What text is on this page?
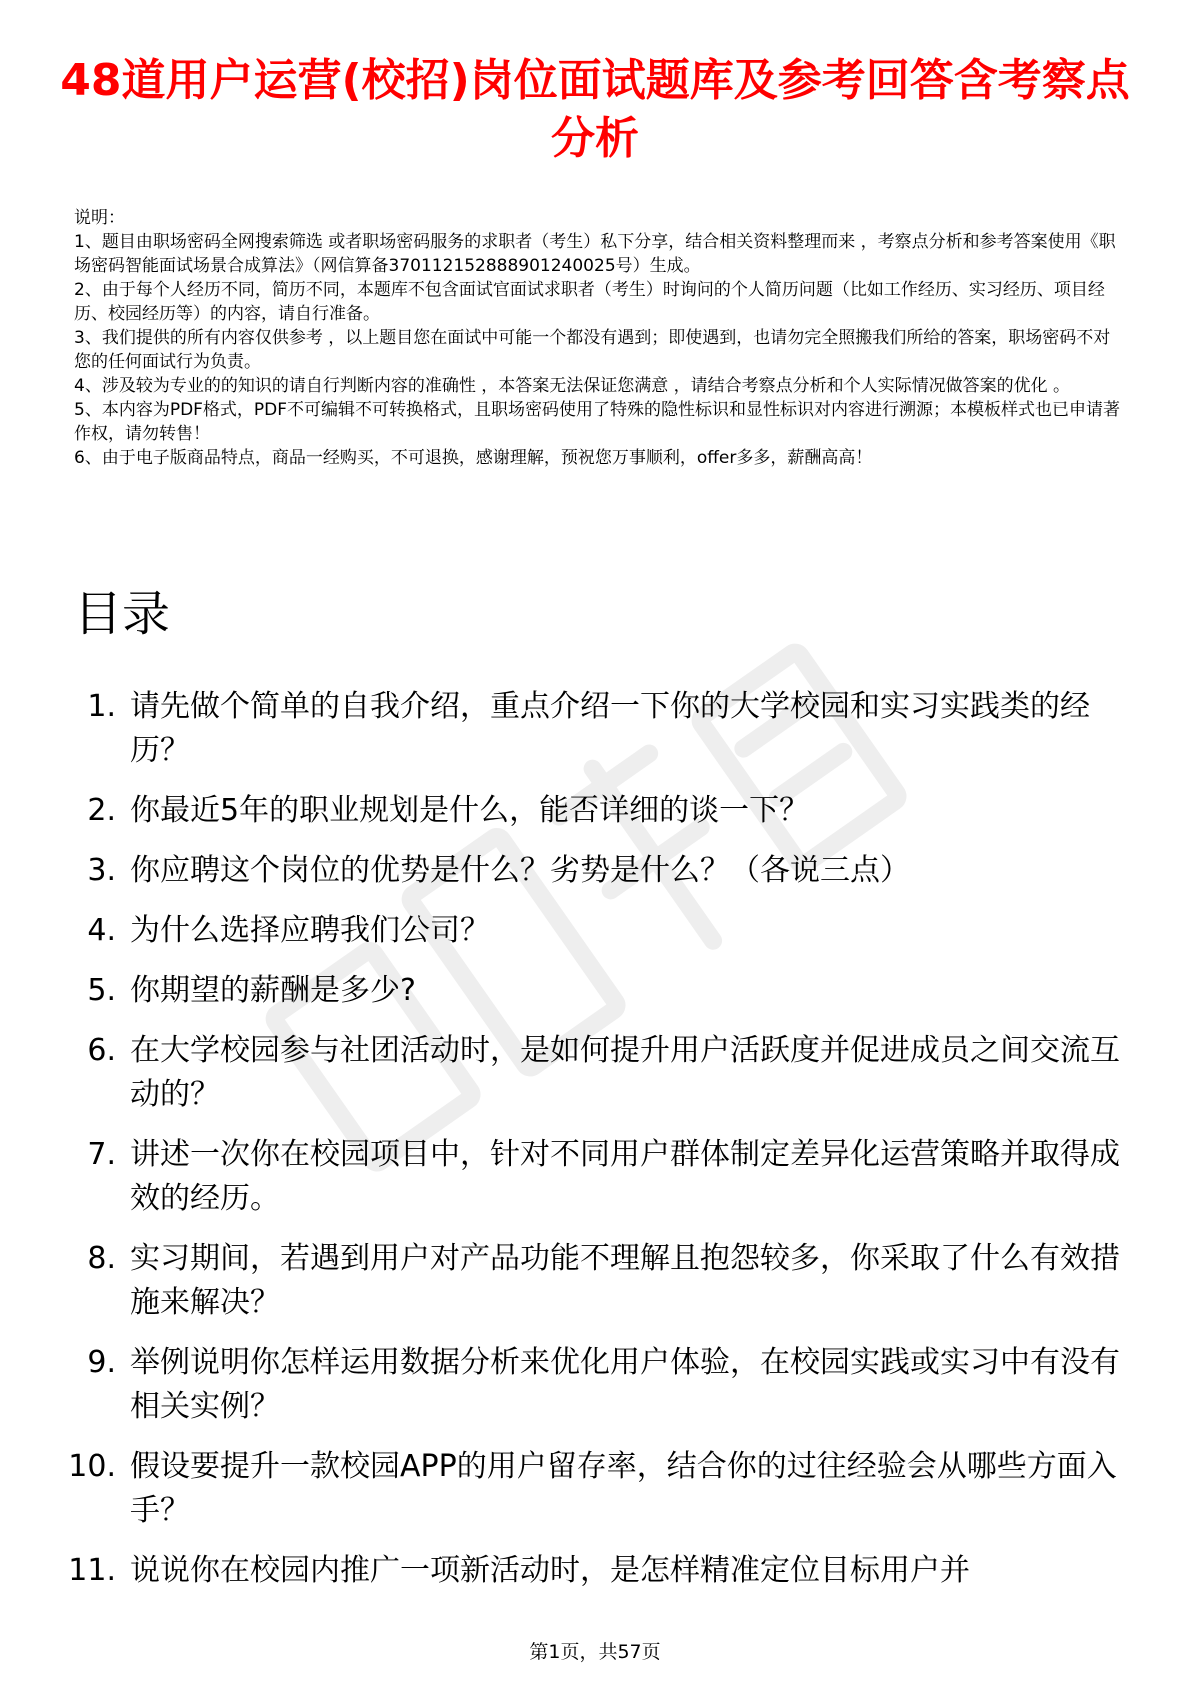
48道用户运营(校招)岗位面试题库及参考回答含考察点分析

说明：

1、题目由职场密码全网搜索筛选 或者职场密码服务的求职者（考生）私下分享，结合相关资料整理而来 ，考察点分析和参考答案使用《职场密码智能面试场景合成算法》（网信算备370112152888901240025号）生成。

2、由于每个人经历不同，简历不同，本题库不包含面试官面试求职者（考生）时询问的个人简历问题（比如工作经历、实习经历、项目经历、校园经历等）的内容，请自行准备。

3、我们提供的所有内容仅供参考 ，以上题目您在面试中可能一个都没有遇到；即使遇到，也请勿完全照搬我们所给的答案，职场密码不对您的任何面试行为负责。

4、涉及较为专业的的知识的请自行判断内容的准确性 ，本答案无法保证您满意 ，请结合考察点分析和个人实际情况做答案的优化 。

5、本内容为PDF格式，PDF不可编辑不可转换格式，且职场密码使用了特殊的隐性标识和显性标识对内容进行溯源；本模板样式也已申请著作权，请勿转售！

6、由于电子版商品特点，商品一经购买，不可退换，感谢理解，预祝您万事顺利，offer多多，薪酬高高！

目录
1. 请先做个简单的自我介绍，重点介绍一下你的大学校园和实习实践类的经历？
2. 你最近5年的职业规划是什么，能否详细的谈一下？
3. 你应聘这个岗位的优势是什么？劣势是什么？（各说三点）
4. 为什么选择应聘我们公司？
5. 你期望的薪酬是多少?
6. 在大学校园参与社团活动时，是如何提升用户活跃度并促进成员之间交流互动的？
7. 讲述一次你在校园项目中，针对不同用户群体制定差异化运营策略并取得成效的经历。
8. 实习期间，若遇到用户对产品功能不理解且抱怨较多，你采取了什么有效措施来解决？
9. 举例说明你怎样运用数据分析来优化用户体验，在校园实践或实习中有没有相关实例？
10. 假设要提升一款校园APP的用户留存率，结合你的过往经验会从哪些方面入手？
11. 说说你在校园内推广一项新活动时，是怎样精准定位目标用户并
第1页，共57页
